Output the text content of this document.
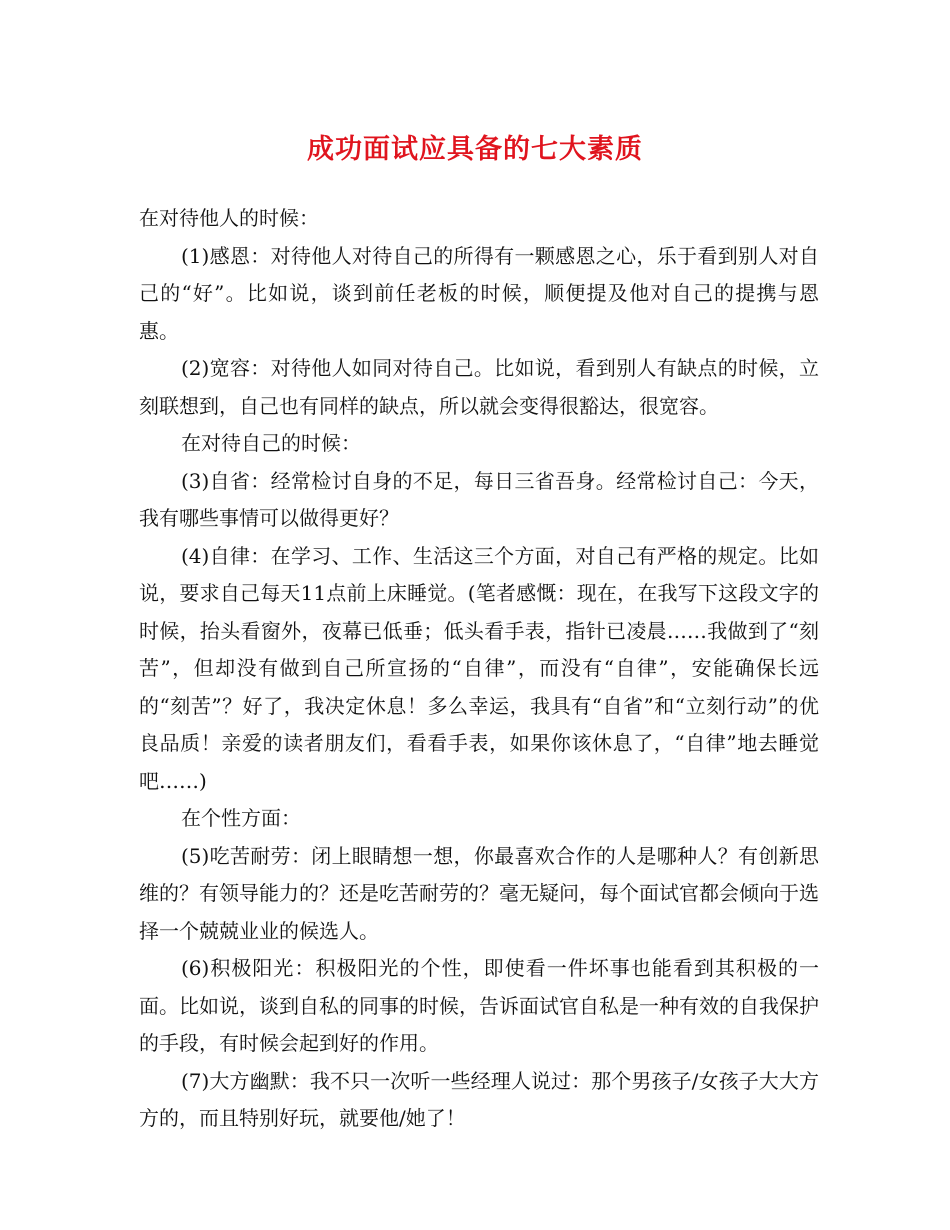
成功面试应具备的七大素质

在对待他人的时候：

(1)感恩：对待他人对待自己的所得有一颗感恩之心，乐于看到别人对自己的“好”。比如说，谈到前任老板的时候，顺便提及他对自己的提携与恩惠。

(2)宽容：对待他人如同对待自己。比如说，看到别人有缺点的时候，立刻联想到，自己也有同样的缺点，所以就会变得很豁达，很宽容。

在对待自己的时候：

(3)自省：经常检讨自身的不足，每日三省吾身。经常检讨自己：今天，我有哪些事情可以做得更好？

(4)自律：在学习、工作、生活这三个方面，对自己有严格的规定。比如说，要求自己每天11点前上床睡觉。(笔者感慨：现在，在我写下这段文字的时候，抬头看窗外，夜幕已低垂；低头看手表，指针已凌晨……我做到了“刻苦”，但却没有做到自己所宣扬的“自律”，而没有“自律”，安能确保长远的“刻苦”？好了，我决定休息！多么幸运，我具有“自省”和“立刻行动”的优良品质！亲爱的读者朋友们，看看手表，如果你该休息了，“自律”地去睡觉吧……)

在个性方面：

(5)吃苦耐劳：闭上眼睛想一想，你最喜欢合作的人是哪种人？有创新思维的？有领导能力的？还是吃苦耐劳的？毫无疑问，每个面试官都会倾向于选择一个兢兢业业的候选人。

(6)积极阳光：积极阳光的个性，即使看一件坏事也能看到其积极的一面。比如说，谈到自私的同事的时候，告诉面试官自私是一种有效的自我保护的手段，有时候会起到好的作用。

(7)大方幽默：我不只一次听一些经理人说过：那个男孩子/女孩子大大方方的，而且特别好玩，就要他/她了！
